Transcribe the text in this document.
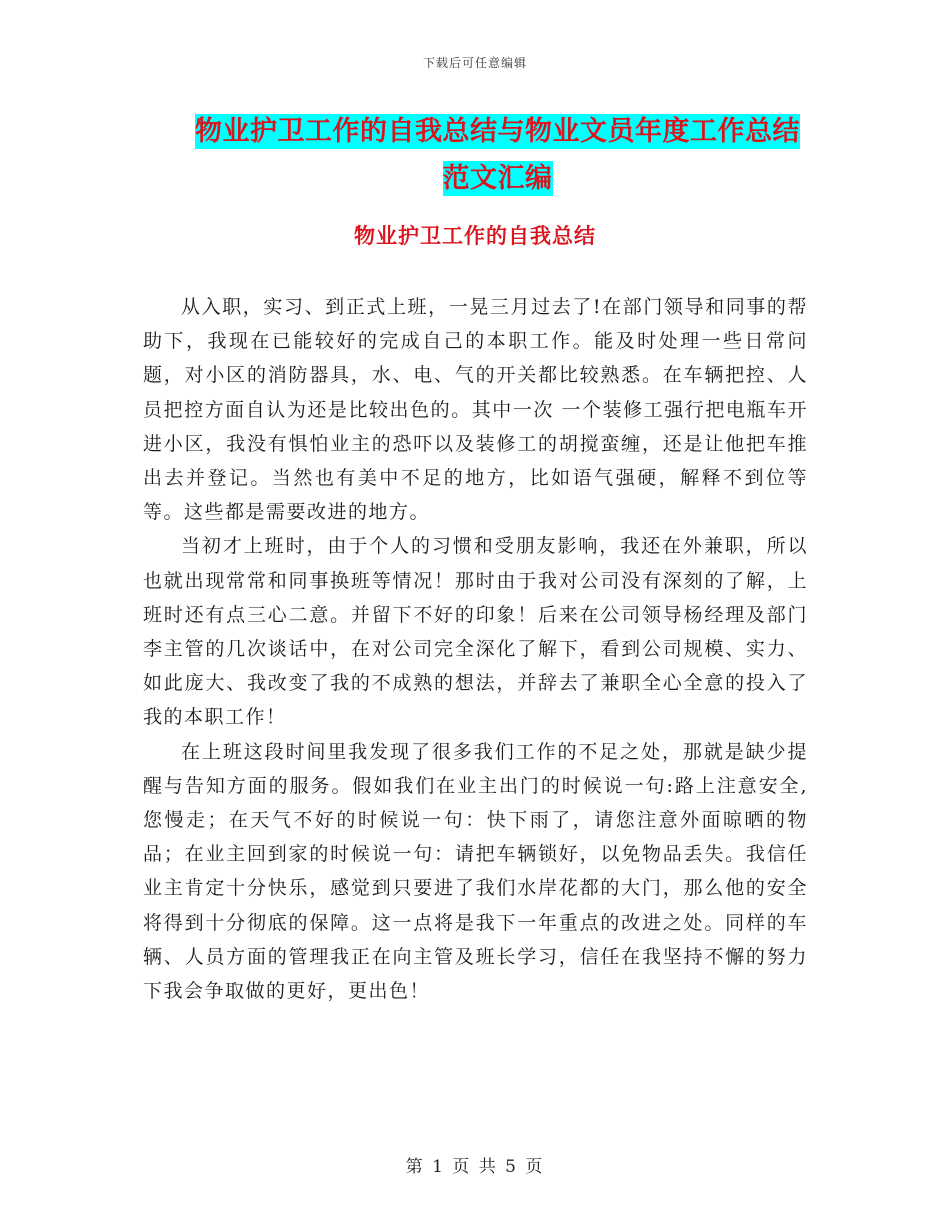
下载后可任意编辑
物业护卫工作的自我总结与物业文员年度工作总结范文汇编
物业护卫工作的自我总结

从入职，实习、到正式上班，一晃三月过去了!在部门领导和同事的帮助下，我现在已能较好的完成自己的本职工作。能及时处理一些日常问题，对小区的消防器具，水、电、气的开关都比较熟悉。在车辆把控、人员把控方面自认为还是比较出色的。其中一次 一个装修工强行把电瓶车开进小区，我没有惧怕业主的恐吓以及装修工的胡搅蛮缠，还是让他把车推出去并登记。当然也有美中不足的地方，比如语气强硬，解释不到位等等。这些都是需要改进的地方。

当初才上班时，由于个人的习惯和受朋友影响，我还在外兼职，所以也就出现常常和同事换班等情况！那时由于我对公司没有深刻的了解，上班时还有点三心二意。并留下不好的印象！后来在公司领导杨经理及部门李主管的几次谈话中，在对公司完全深化了解下，看到公司规模、实力、如此庞大、我改变了我的不成熟的想法，并辞去了兼职全心全意的投入了我的本职工作！

在上班这段时间里我发现了很多我们工作的不足之处，那就是缺少提醒与告知方面的服务。假如我们在业主出门的时候说一句:路上注意安全,您慢走；在天气不好的时候说一句：快下雨了，请您注意外面晾晒的物品；在业主回到家的时候说一句：请把车辆锁好，以免物品丢失。我信任业主肯定十分快乐，感觉到只要进了我们水岸花都的大门，那么他的安全将得到十分彻底的保障。这一点将是我下一年重点的改进之处。同样的车辆、人员方面的管理我正在向主管及班长学习，信任在我坚持不懈的努力下我会争取做的更好，更出色！

第 1 页 共 5 页
